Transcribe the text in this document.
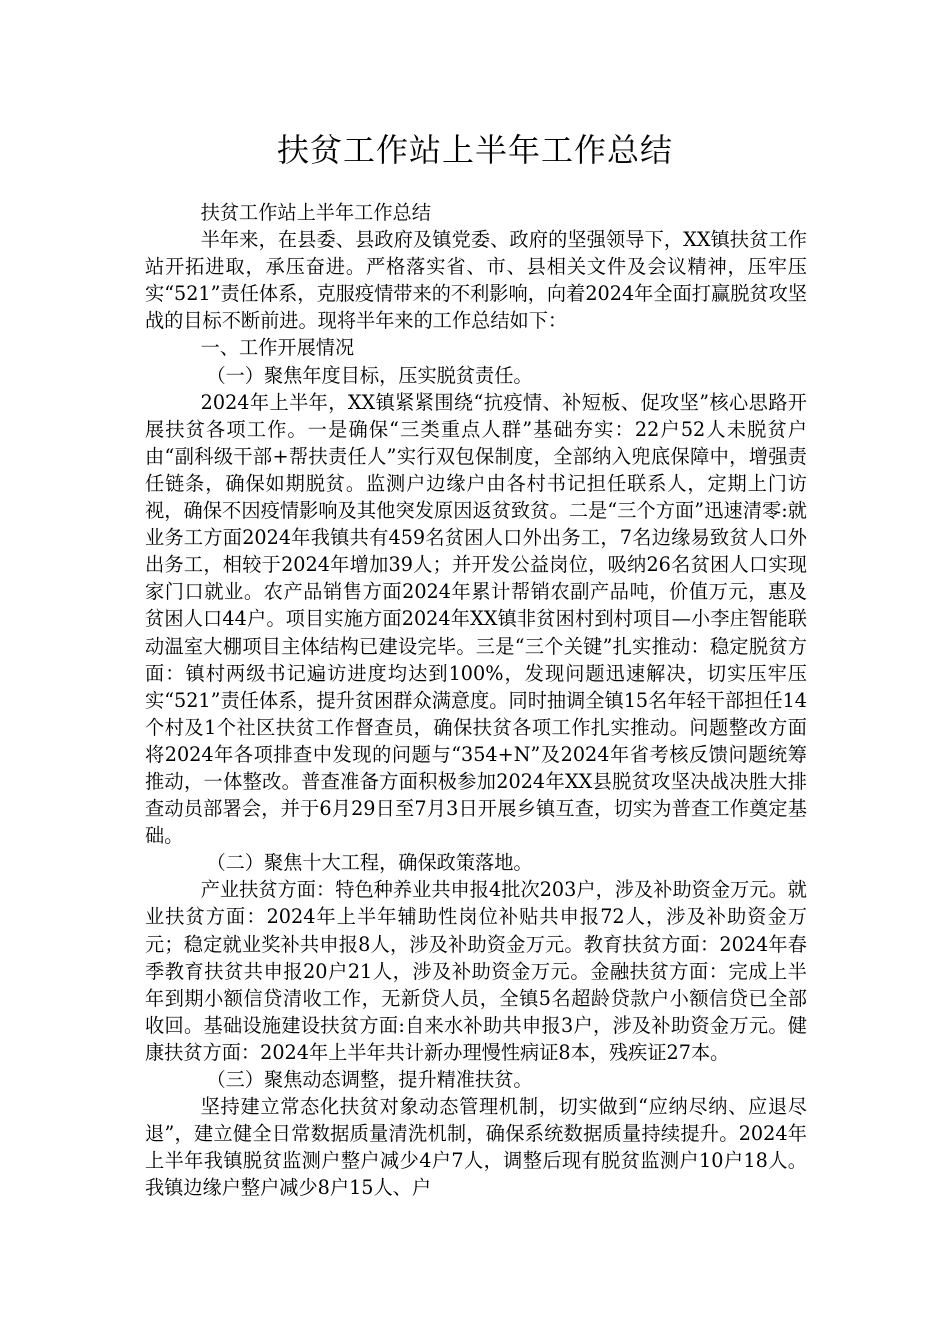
扶贫工作站上半年工作总结

扶贫工作站上半年工作总结

半年来，在县委、县政府及镇党委、政府的坚强领导下，XX镇扶贫工作站开拓进取，承压奋进。严格落实省、市、县相关文件及会议精神，压牢压实“521”责任体系，克服疫情带来的不利影响，向着2024年全面打赢脱贫攻坚战的目标不断前进。现将半年来的工作总结如下：

一、工作开展情况

（一）聚焦年度目标，压实脱贫责任。

2024年上半年，XX镇紧紧围绕“抗疫情、补短板、促攻坚”核心思路开展扶贫各项工作。一是确保“三类重点人群”基础夯实：22户52人未脱贫户由“副科级干部+帮扶责任人”实行双包保制度，全部纳入兜底保障中，增强责任链条，确保如期脱贫。监测户边缘户由各村书记担任联系人，定期上门访视，确保不因疫情影响及其他突发原因返贫致贫。二是“三个方面”迅速清零:就业务工方面2024年我镇共有459名贫困人口外出务工，7名边缘易致贫人口外出务工，相较于2024年增加39人；并开发公益岗位，吸纳26名贫困人口实现家门口就业。农产品销售方面2024年累计帮销农副产品吨，价值万元，惠及贫困人口44户。项目实施方面2024年XX镇非贫困村到村项目—小李庄智能联动温室大棚项目主体结构已建设完毕。三是“三个关键”扎实推动：稳定脱贫方面：镇村两级书记遍访进度均达到100%，发现问题迅速解决，切实压牢压实“521”责任体系，提升贫困群众满意度。同时抽调全镇15名年轻干部担任14个村及1个社区扶贫工作督查员，确保扶贫各项工作扎实推动。问题整改方面将2024年各项排查中发现的问题与“354+N”及2024年省考核反馈问题统筹推动，一体整改。普查准备方面积极参加2024年XX县脱贫攻坚决战决胜大排查动员部署会，并于6月29日至7月3日开展乡镇互查，切实为普查工作奠定基础。

（二）聚焦十大工程，确保政策落地。

产业扶贫方面：特色种养业共申报4批次203户，涉及补助资金万元。就业扶贫方面：2024年上半年辅助性岗位补贴共申报72人，涉及补助资金万元；稳定就业奖补共申报8人，涉及补助资金万元。教育扶贫方面：2024年春季教育扶贫共申报20户21人，涉及补助资金万元。金融扶贫方面：完成上半年到期小额信贷清收工作，无新贷人员，全镇5名超龄贷款户小额信贷已全部收回。基础设施建设扶贫方面:自来水补助共申报3户，涉及补助资金万元。健康扶贫方面：2024年上半年共计新办理慢性病证8本，残疾证27本。

（三）聚焦动态调整，提升精准扶贫。

坚持建立常态化扶贫对象动态管理机制，切实做到“应纳尽纳、应退尽退”，建立健全日常数据质量清洗机制，确保系统数据质量持续提升。2024年上半年我镇脱贫监测户整户减少4户7人，调整后现有脱贫监测户10户18人。我镇边缘户整户减少8户15人、户
